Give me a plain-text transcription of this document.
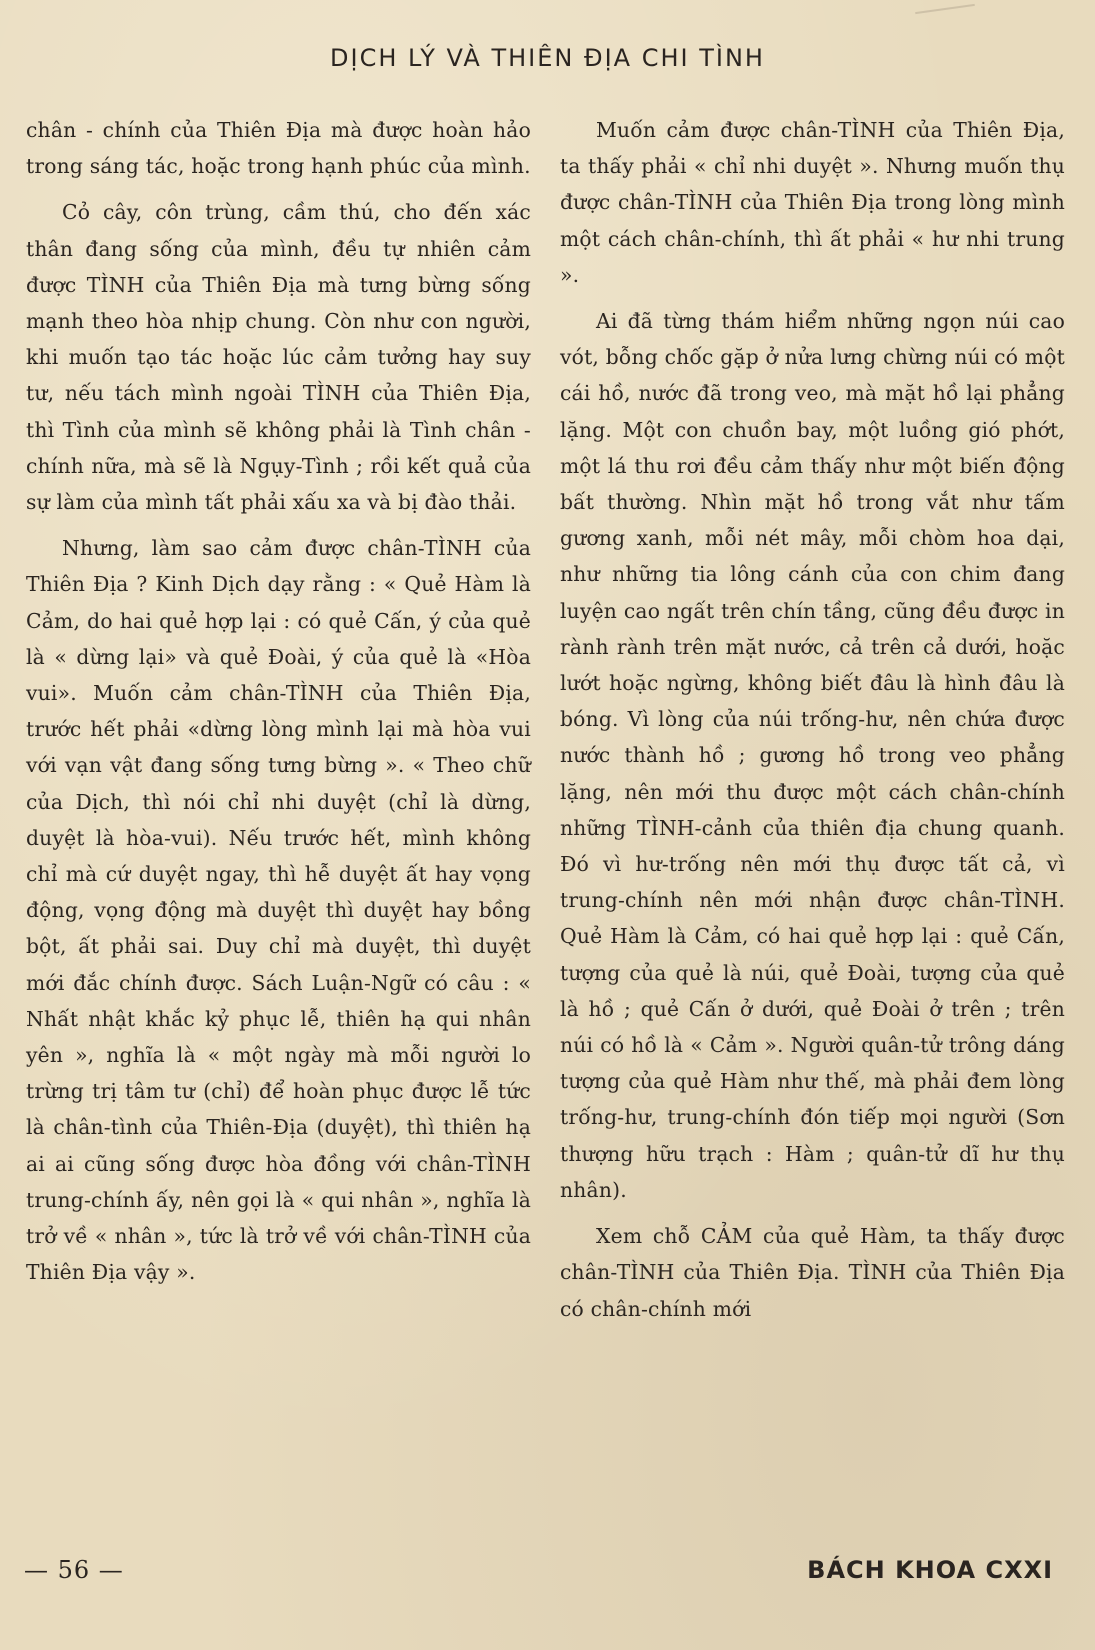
DỊCH LÝ VÀ THIÊN ĐỊA CHI TÌNH

chân - chính của Thiên Địa mà được hoàn hảo trong sáng tác, hoặc trong hạnh phúc của mình.

Cỏ cây, côn trùng, cầm thú, cho đến xác thân đang sống của mình, đều tự nhiên cảm được TÌNH của Thiên Địa mà tưng bừng sống mạnh theo hòa nhịp chung. Còn như con người, khi muốn tạo tác hoặc lúc cảm tưởng hay suy tư, nếu tách mình ngoài TÌNH của Thiên Địa, thì Tình của mình sẽ không phải là Tình chân - chính nữa, mà sẽ là Ngụy-Tình ; rồi kết quả của sự làm của mình tất phải xấu xa và bị đào thải.

Nhưng, làm sao cảm được chân-TÌNH của Thiên Địa ? Kinh Dịch dạy rằng : « Quẻ Hàm là Cảm, do hai quẻ hợp lại : có quẻ Cấn, ý của quẻ là « dừng lại» và quẻ Đoài, ý của quẻ là «Hòa vui». Muốn cảm chân-TÌNH của Thiên Địa, trước hết phải «dừng lòng mình lại mà hòa vui với vạn vật đang sống tưng bừng ». « Theo chữ của Dịch, thì nói chỉ nhi duyệt (chỉ là dừng, duyệt là hòa-vui). Nếu trước hết, mình không chỉ mà cứ duyệt ngay, thì hễ duyệt ất hay vọng động, vọng động mà duyệt thì duyệt hay bồng bột, ất phải sai. Duy chỉ mà duyệt, thì duyệt mới đắc chính được. Sách Luận-Ngữ có câu : « Nhất nhật khắc kỷ phục lễ, thiên hạ qui nhân yên », nghĩa là « một ngày mà mỗi người lo trừng trị tâm tư (chỉ) để hoàn phục được lễ tức là chân-tình của Thiên-Địa (duyệt), thì thiên hạ ai ai cũng sống được hòa đồng với chân-TÌNH trung-chính ấy, nên gọi là « qui nhân », nghĩa là trở về « nhân », tức là trở về với chân-TÌNH của Thiên Địa vậy ».

Muốn cảm được chân-TÌNH của Thiên Địa, ta thấy phải « chỉ nhi duyệt ». Nhưng muốn thụ được chân-TÌNH của Thiên Địa trong lòng mình một cách chân-chính, thì ất phải « hư nhi trung ».

Ai đã từng thám hiểm những ngọn núi cao vót, bỗng chốc gặp ở nửa lưng chừng núi có một cái hồ, nước đã trong veo, mà mặt hồ lại phẳng lặng. Một con chuồn bay, một luồng gió phớt, một lá thu rơi đều cảm thấy như một biến động bất thường. Nhìn mặt hồ trong vắt như tấm gương xanh, mỗi nét mây, mỗi chòm hoa dại, như những tia lông cánh của con chim đang luyện cao ngất trên chín tầng, cũng đều được in rành rành trên mặt nước, cả trên cả dưới, hoặc lướt hoặc ngừng, không biết đâu là hình đâu là bóng. Vì lòng của núi trống-hư, nên chứa được nước thành hồ ; gương hồ trong veo phẳng lặng, nên mới thu được một cách chân-chính những TÌNH-cảnh của thiên địa chung quanh. Đó vì hư-trống nên mới thụ được tất cả, vì trung-chính nên mới nhận được chân-TÌNH. Quẻ Hàm là Cảm, có hai quẻ hợp lại : quẻ Cấn, tượng của quẻ là núi, quẻ Đoài, tượng của quẻ là hồ ; quẻ Cấn ở dưới, quẻ Đoài ở trên ; trên núi có hồ là « Cảm ». Người quân-tử trông dáng tượng của quẻ Hàm như thế, mà phải đem lòng trống-hư, trung-chính đón tiếp mọi người (Sơn thượng hữu trạch : Hàm ; quân-tử dĩ hư thụ nhân).

Xem chỗ CẢM của quẻ Hàm, ta thấy được chân-TÌNH của Thiên Địa. TÌNH của Thiên Địa có chân-chính mới

— 56 —	BÁCH KHOA CXXI
